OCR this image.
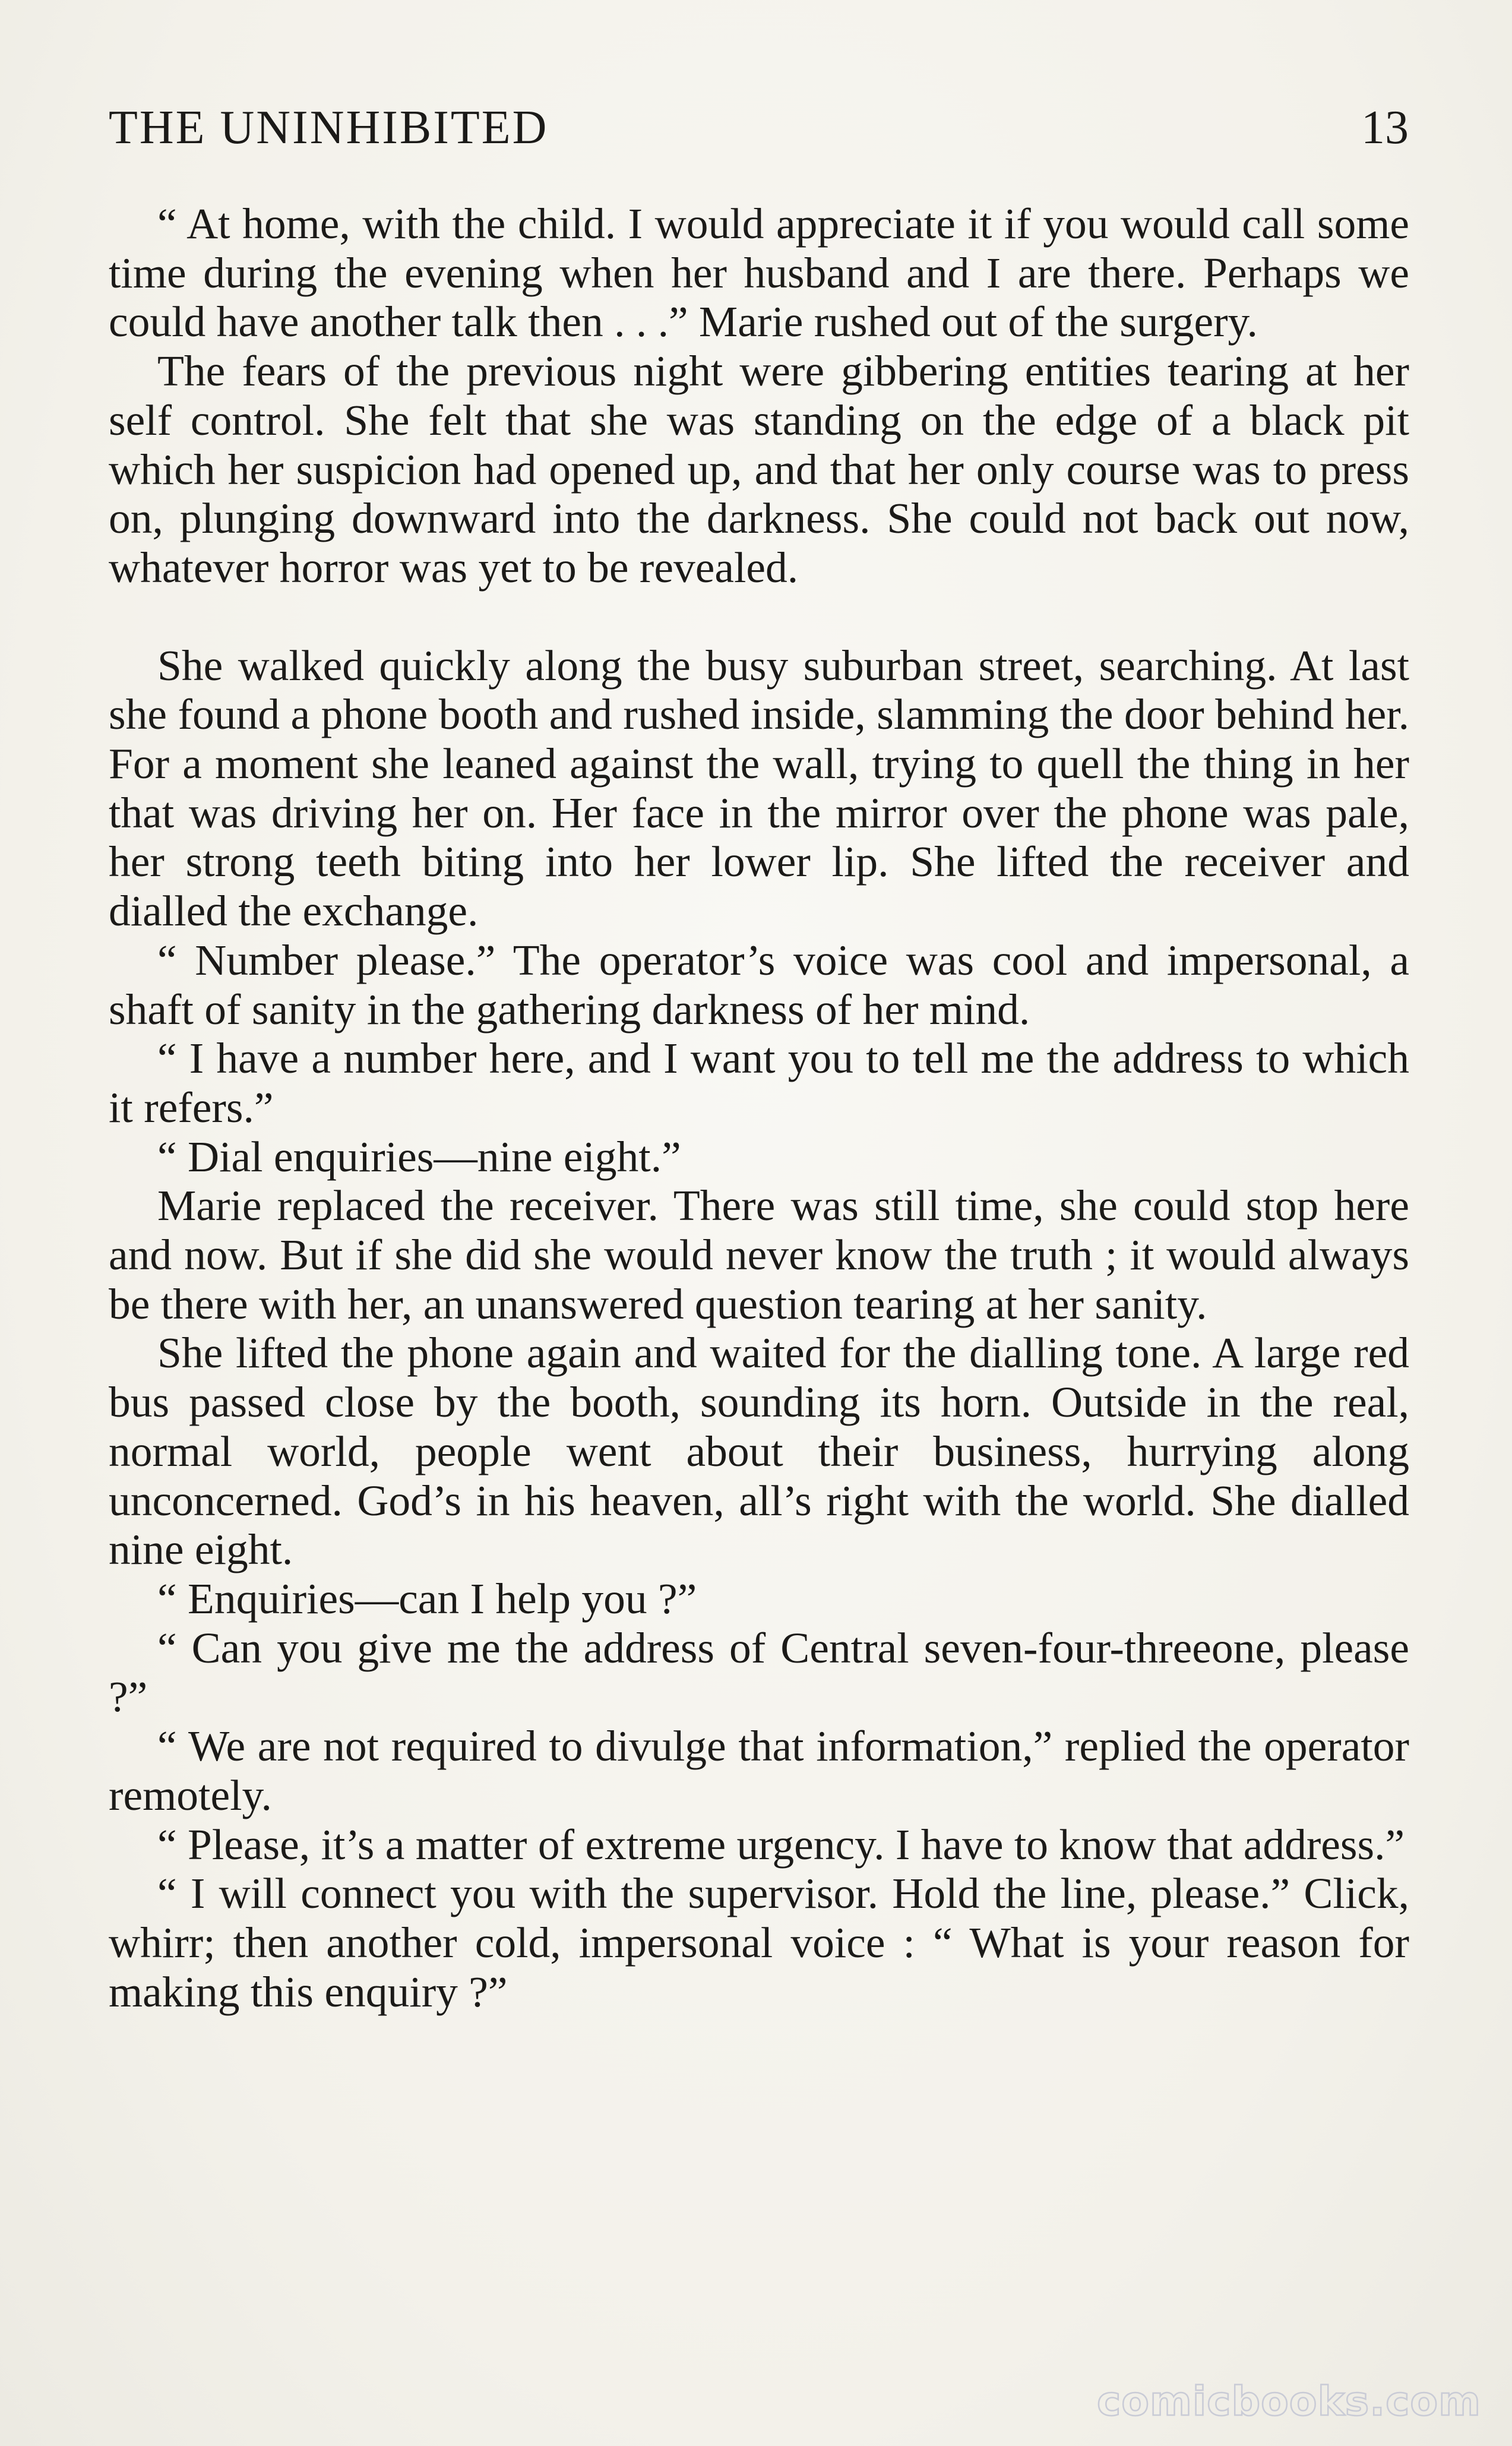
THE UNINHIBITED	13

“ At home, with the child. I would appreciate it if you would call some time during the evening when her husband and I are there. Perhaps we could have another talk then . . .” Marie rushed out of the surgery.

The fears of the previous night were gibbering entities tearing at her self control. She felt that she was standing on the edge of a black pit which her suspicion had opened up, and that her only course was to press on, plunging downward into the darkness. She could not back out now, whatever horror was yet to be revealed.

She walked quickly along the busy suburban street, searching. At last she found a phone booth and rushed inside, slamming the door behind her. For a moment she leaned against the wall, trying to quell the thing in her that was driving her on. Her face in the mirror over the phone was pale, her strong teeth biting into her lower lip. She lifted the receiver and dialled the exchange.

“ Number please.” The operator’s voice was cool and impersonal, a shaft of sanity in the gathering darkness of her mind.

“ I have a number here, and I want you to tell me the address to which it refers.”

“ Dial enquiries—nine eight.”

Marie replaced the receiver. There was still time, she could stop here and now. But if she did she would never know the truth ; it would always be there with her, an unanswered question tearing at her sanity.

She lifted the phone again and waited for the dialling tone. A large red bus passed close by the booth, sounding its horn. Outside in the real, normal world, people went about their business, hurrying along unconcerned. God’s in his heaven, all’s right with the world. She dialled nine eight.

“ Enquiries—can I help you ?”

“ Can you give me the address of Central seven-four-threeone, please ?”

“ We are not required to divulge that information,” replied the operator remotely.

“ Please, it’s a matter of extreme urgency. I have to know that address.”

“ I will connect you with the supervisor. Hold the line, please.” Click, whirr; then another cold, impersonal voice : “ What is your reason for making this enquiry ?”

comicbooks.com
